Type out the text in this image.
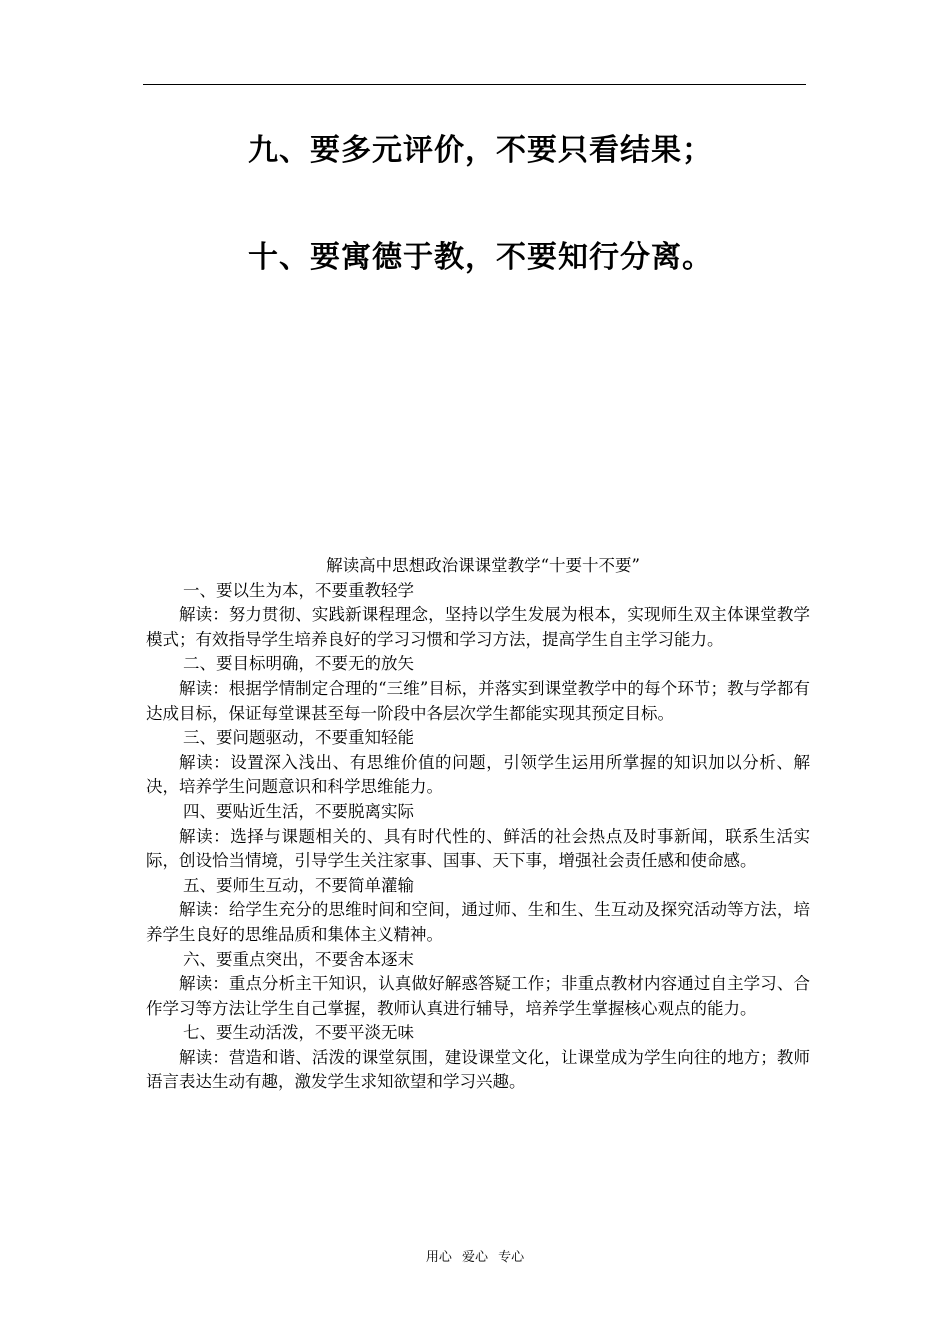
九、要多元评价，不要只看结果；
十、要寓德于教，不要知行分离。

解读高中思想政治课课堂教学“十要十不要”

一、要以生为本，不要重教轻学

解读：努力贯彻、实践新课程理念，坚持以学生发展为根本，实现师生双主体课堂教学模式；有效指导学生培养良好的学习习惯和学习方法，提高学生自主学习能力。

二、要目标明确，不要无的放矢

解读：根据学情制定合理的“三维”目标，并落实到课堂教学中的每个环节；教与学都有达成目标，保证每堂课甚至每一阶段中各层次学生都能实现其预定目标。

三、要问题驱动，不要重知轻能

解读：设置深入浅出、有思维价值的问题，引领学生运用所掌握的知识加以分析、解决，培养学生问题意识和科学思维能力。

四、要贴近生活，不要脱离实际

解读：选择与课题相关的、具有时代性的、鲜活的社会热点及时事新闻，联系生活实际，创设恰当情境，引导学生关注家事、国事、天下事，增强社会责任感和使命感。

五、要师生互动，不要简单灌输

解读：给学生充分的思维时间和空间，通过师、生和生、生互动及探究活动等方法，培养学生良好的思维品质和集体主义精神。

六、要重点突出，不要舍本逐末

解读：重点分析主干知识，认真做好解惑答疑工作；非重点教材内容通过自主学习、合作学习等方法让学生自己掌握，教师认真进行辅导，培养学生掌握核心观点的能力。

七、要生动活泼，不要平淡无味

解读：营造和谐、活泼的课堂氛围，建设课堂文化，让课堂成为学生向往的地方；教师语言表达生动有趣，激发学生求知欲望和学习兴趣。

用心 爱心 专心
